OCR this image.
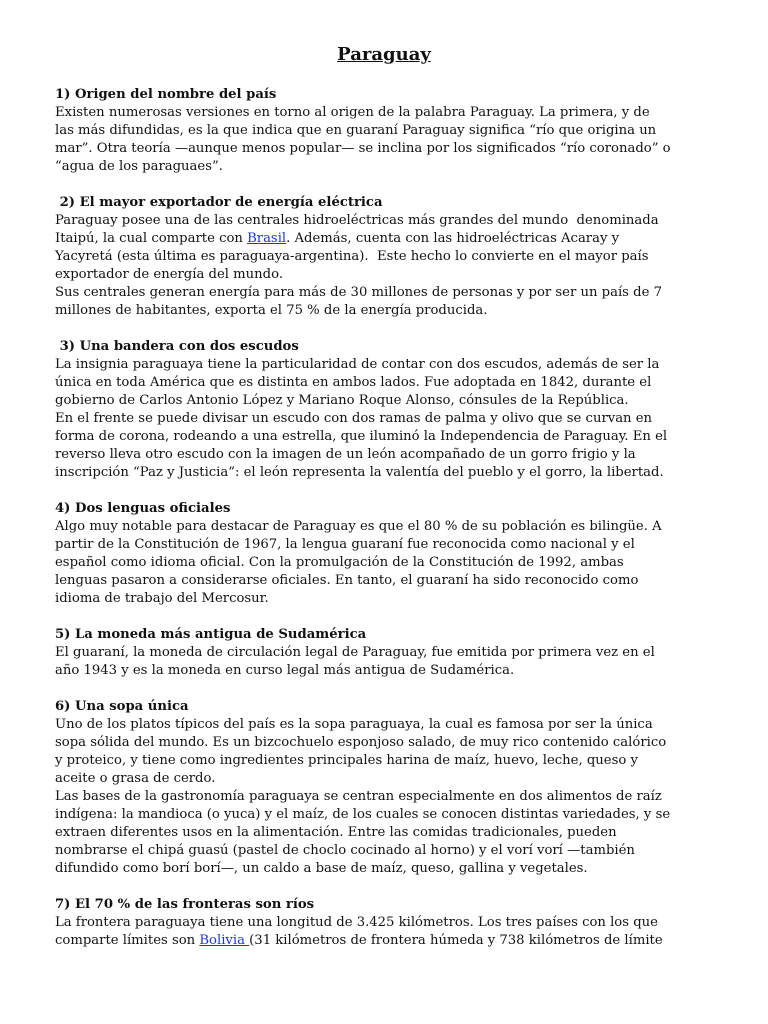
Paraguay

1) Origen del nombre del país

Existen numerosas versiones en torno al origen de la palabra Paraguay. La primera, y de

las más difundidas, es la que indica que en guaraní Paraguay significa “río que origina un

mar”. Otra teoría —aunque menos popular— se inclina por los significados “río coronado” o

“agua de los paraguaes”.

2) El mayor exportador de energía eléctrica

Paraguay posee una de las centrales hidroeléctricas más grandes del mundo  denominada

Itaipú, la cual comparte con Brasil. Además, cuenta con las hidroeléctricas Acaray y

Yacyretá (esta última es paraguaya-argentina).  Este hecho lo convierte en el mayor país

exportador de energía del mundo.

Sus centrales generan energía para más de 30 millones de personas y por ser un país de 7

millones de habitantes, exporta el 75 % de la energía producida.

3) Una bandera con dos escudos

La insignia paraguaya tiene la particularidad de contar con dos escudos, además de ser la

única en toda América que es distinta en ambos lados. Fue adoptada en 1842, durante el

gobierno de Carlos Antonio López y Mariano Roque Alonso, cónsules de la República.

En el frente se puede divisar un escudo con dos ramas de palma y olivo que se curvan en

forma de corona, rodeando a una estrella, que iluminó la Independencia de Paraguay. En el

reverso lleva otro escudo con la imagen de un león acompañado de un gorro frigio y la

inscripción “Paz y Justicia”: el león representa la valentía del pueblo y el gorro, la libertad.

4) Dos lenguas oficiales

Algo muy notable para destacar de Paraguay es que el 80 % de su población es bilingüe. A

partir de la Constitución de 1967, la lengua guaraní fue reconocida como nacional y el

español como idioma oficial. Con la promulgación de la Constitución de 1992, ambas

lenguas pasaron a considerarse oficiales. En tanto, el guaraní ha sido reconocido como

idioma de trabajo del Mercosur.

5) La moneda más antigua de Sudamérica

El guaraní, la moneda de circulación legal de Paraguay, fue emitida por primera vez en el

año 1943 y es la moneda en curso legal más antigua de Sudamérica.

6) Una sopa única

Uno de los platos típicos del país es la sopa paraguaya, la cual es famosa por ser la única

sopa sólida del mundo. Es un bizcochuelo esponjoso salado, de muy rico contenido calórico

y proteico, y tiene como ingredientes principales harina de maíz, huevo, leche, queso y

aceite o grasa de cerdo.

Las bases de la gastronomía paraguaya se centran especialmente en dos alimentos de raíz

indígena: la mandioca (o yuca) y el maíz, de los cuales se conocen distintas variedades, y se

extraen diferentes usos en la alimentación. Entre las comidas tradicionales, pueden

nombrarse el chipá guasú (pastel de choclo cocinado al horno) y el vorí vorí —también

difundido como borí borí—, un caldo a base de maíz, queso, gallina y vegetales.

7) El 70 % de las fronteras son ríos

La frontera paraguaya tiene una longitud de 3.425 kilómetros. Los tres países con los que

comparte límites son Bolivia (31 kilómetros de frontera húmeda y 738 kilómetros de límite
